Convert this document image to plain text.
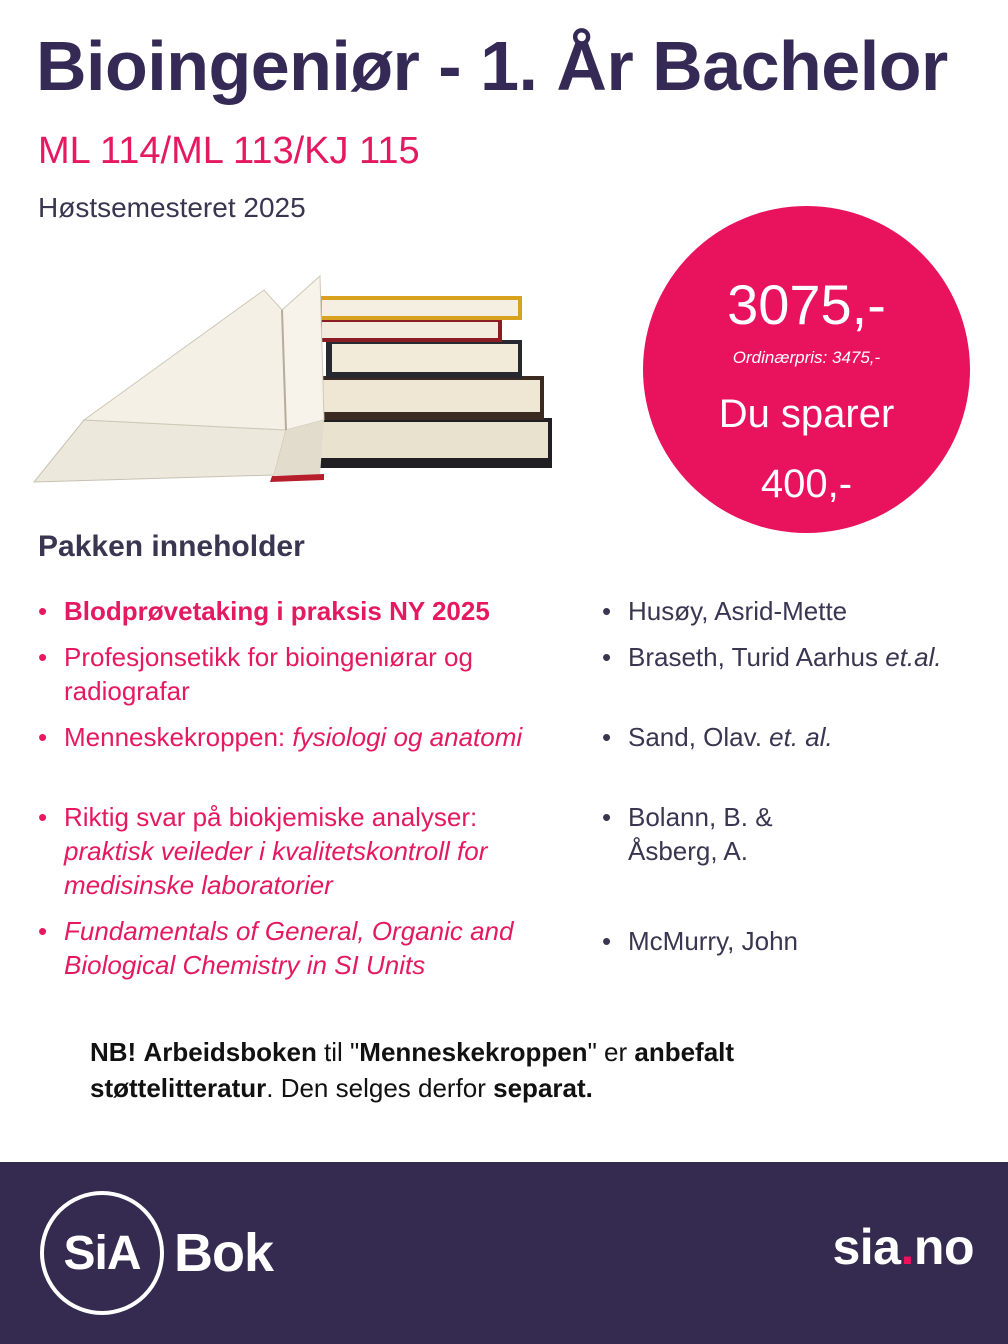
Bioingeniør - 1. År Bachelor
ML 114/ML 113/KJ 115
Høstsemesteret 2025
3075,-
Ordinærpris: 3475,-
Du sparer
400,-
Pakken inneholder
• Blodprøvetaking i praksis NY 2025
• Profesjonsetikk for bioingeniørar og radiografar
• Menneskekroppen: fysiologi og anatomi
• Riktig svar på biokjemiske analyser: praktisk veileder i kvalitetskontroll for medisinske laboratorier
• Fundamentals of General, Organic and Biological Chemistry in SI Units
• Husøy, Asrid-Mette
• Braseth, Turid Aarhus et.al.
• Sand, Olav. et. al.
• Bolann, B. & Åsberg, A.
• McMurry, John
NB! Arbeidsboken til "Menneskekroppen" er anbefalt støttelitteratur. Den selges derfor separat.
SiA Bok	sia.no
